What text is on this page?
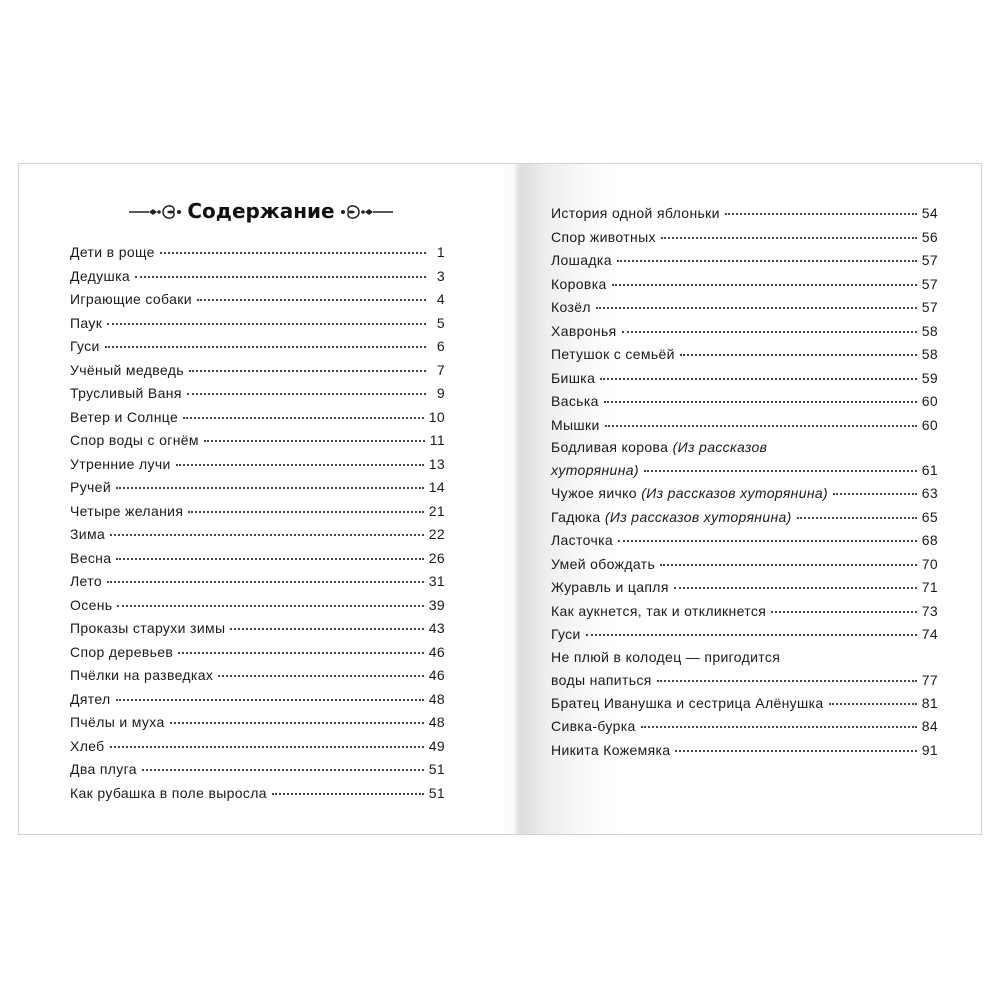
Содержание
Дети в роще	1
Дедушка	3
Играющие собаки	4
Паук	5
Гуси	6
Учёный медведь	7
Трусливый Ваня	9
Ветер и Солнце	10
Спор воды с огнём	11
Утренние лучи	13
Ручей	14
Четыре желания	21
Зима	22
Весна	26
Лето	31
Осень	39
Проказы старухи зимы	43
Спор деревьев	46
Пчёлки на разведках	46
Дятел	48
Пчёлы и муха	48
Хлеб	49
Два плуга	51
Как рубашка в поле выросла	51
История одной яблоньки	54
Спор животных	56
Лошадка	57
Коровка	57
Козёл	57
Хавронья	58
Петушок с семьёй	58
Бишка	59
Васька	60
Мышки	60
Бодливая корова (Из рассказов
хуторянина)	61
Чужое яичко
(Из рассказов хуторянина)	63
Гадюка
(Из рассказов хуторянина)	65
Ласточка	68
Умей обождать	70
Журавль и цапля	71
Как аукнется, так и откликнется	73
Гуси	74
Не плюй в колодец — пригодится
воды напиться	77
Братец Иванушка и сестрица Алёнушка	81
Сивка-бурка	84
Никита Кожемяка	91
